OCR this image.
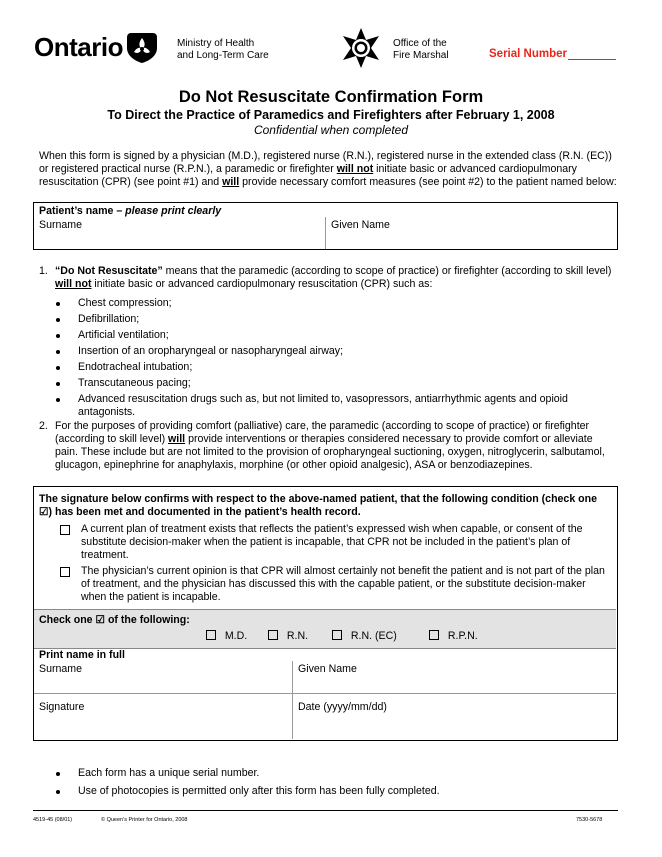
Ontario	Ministry of Health
and Long-Term Care
Office of the
Fire Marshal	Serial Number
Do Not Resuscitate Confirmation Form
To Direct the Practice of Paramedics and Firefighters after February 1, 2008
Confidential when completed
When this form is signed by a physician (M.D.), registered nurse (R.N.), registered nurse in the extended class (R.N. (EC)) or registered practical nurse (R.P.N.), a paramedic or firefighter will not initiate basic or advanced cardiopulmonary resuscitation (CPR) (see point #1) and will provide necessary comfort measures (see point #2) to the patient named below:
Patient’s name – please print clearly
Surname	Given Name
1. “Do Not Resuscitate” means that the paramedic (according to scope of practice) or firefighter (according to skill level) will not initiate basic or advanced cardiopulmonary resuscitation (CPR) such as:
Chest compression;
Defibrillation;
Artificial ventilation;
Insertion of an oropharyngeal or nasopharyngeal airway;
Endotracheal intubation;
Transcutaneous pacing;
Advanced resuscitation drugs such as, but not limited to, vasopressors, antiarrhythmic agents and opioid antagonists.
2. For the purposes of providing comfort (palliative) care, the paramedic (according to scope of practice) or firefighter (according to skill level) will provide interventions or therapies considered necessary to provide comfort or alleviate pain. These include but are not limited to the provision of oropharyngeal suctioning, oxygen, nitroglycerin, salbutamol, glucagon, epinephrine for anaphylaxis, morphine (or other opioid analgesic), ASA or benzodiazepines.
The signature below confirms with respect to the above-named patient, that the following condition (check one ☑) has been met and documented in the patient’s health record.
A current plan of treatment exists that reflects the patient’s expressed wish when capable, or consent of the substitute decision-maker when the patient is incapable, that CPR not be included in the patient’s plan of treatment.
The physician’s current opinion is that CPR will almost certainly not benefit the patient and is not part of the plan of treatment, and the physician has discussed this with the capable patient, or the substitute decision-maker when the patient is incapable.
Check one ☑ of the following:
M.D.	R.N.	R.N. (EC)	R.P.N.
Print name in full
Surname	Given Name
Signature	Date (yyyy/mm/dd)
Each form has a unique serial number.
Use of photocopies is permitted only after this form has been fully completed.
4519-45 (08/01)	© Queen’s Printer for Ontario, 2008	7530-5678
